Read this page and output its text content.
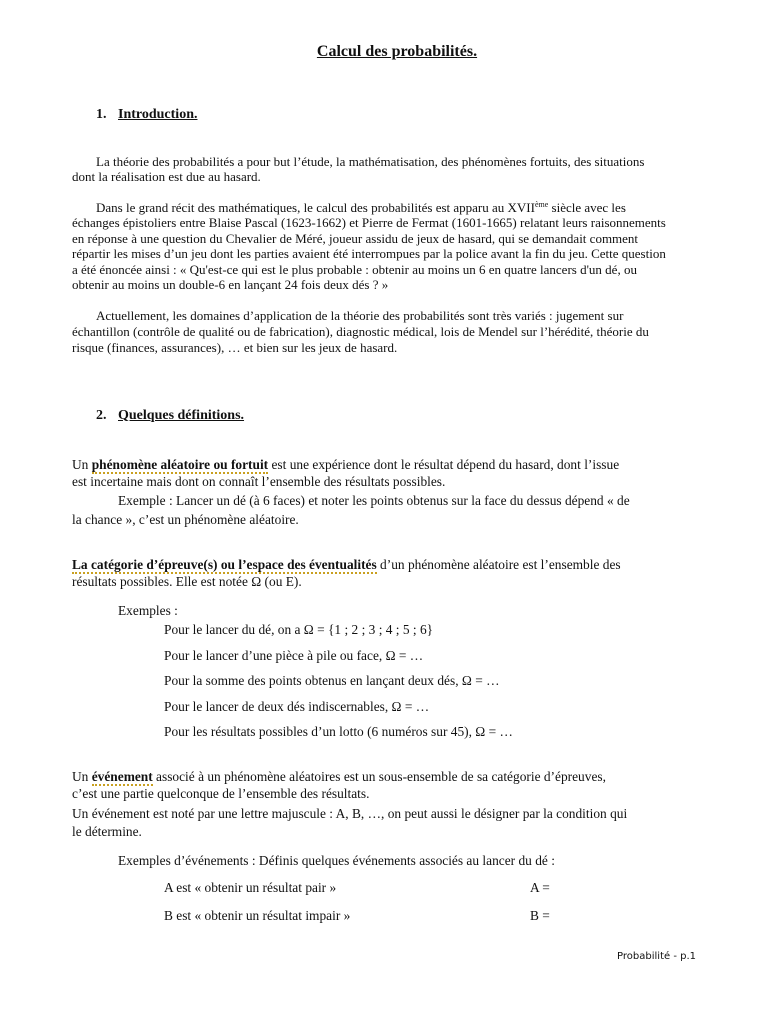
Calcul des probabilités.
1. Introduction.
La théorie des probabilités a pour but l’étude, la mathématisation, des phénomènes fortuits, des situations
dont la réalisation est due au hasard.
Dans le grand récit des mathématiques, le calcul des probabilités est apparu au XVIIème siècle avec les
échanges épistoliers entre Blaise Pascal (1623-1662) et Pierre de Fermat (1601-1665) relatant leurs raisonnements
en réponse à une question du Chevalier de Méré, joueur assidu de jeux de hasard, qui se demandait comment
répartir les mises d’un jeu dont les parties avaient été interrompues par la police avant la fin du jeu. Cette question
a été énoncée ainsi : « Qu'est-ce qui est le plus probable : obtenir au moins un 6 en quatre lancers d'un dé, ou
obtenir au moins un double-6 en lançant 24 fois deux dés ? »
Actuellement, les domaines d’application de la théorie des probabilités sont très variés : jugement sur
échantillon (contrôle de qualité ou de fabrication), diagnostic médical, lois de Mendel sur l’hérédité, théorie du
risque (finances, assurances), … et bien sur les jeux de hasard.
2. Quelques définitions.
Un phénomène aléatoire ou fortuit est une expérience dont le résultat dépend du hasard, dont l’issue
est incertaine mais dont on connaît l’ensemble des résultats possibles.
Exemple : Lancer un dé (à 6 faces) et noter les points obtenus sur la face du dessus dépend « de
la chance », c’est un phénomène aléatoire.
La catégorie d’épreuve(s) ou l’espace des éventualités d’un phénomène aléatoire est l’ensemble des
résultats possibles. Elle est notée Ω (ou E).
Exemples :
Pour le lancer du dé, on a Ω = {1 ; 2 ; 3 ; 4 ; 5 ; 6}
Pour le lancer d’une pièce à pile ou face, Ω = …
Pour la somme des points obtenus en lançant deux dés, Ω = …
Pour le lancer de deux dés indiscernables, Ω = …
Pour les résultats possibles d’un lotto (6 numéros sur 45), Ω = …
Un événement associé à un phénomène aléatoires est un sous-ensemble de sa catégorie d’épreuves,
c’est une partie quelconque de l’ensemble des résultats.
Un événement est noté par une lettre majuscule : A, B, …, on peut aussi le désigner par la condition qui
le détermine.
Exemples d’événements : Définis quelques événements associés au lancer du dé :
A est « obtenir un résultat pair »	A =
B est « obtenir un résultat impair »	B =
Probabilité - p.1
